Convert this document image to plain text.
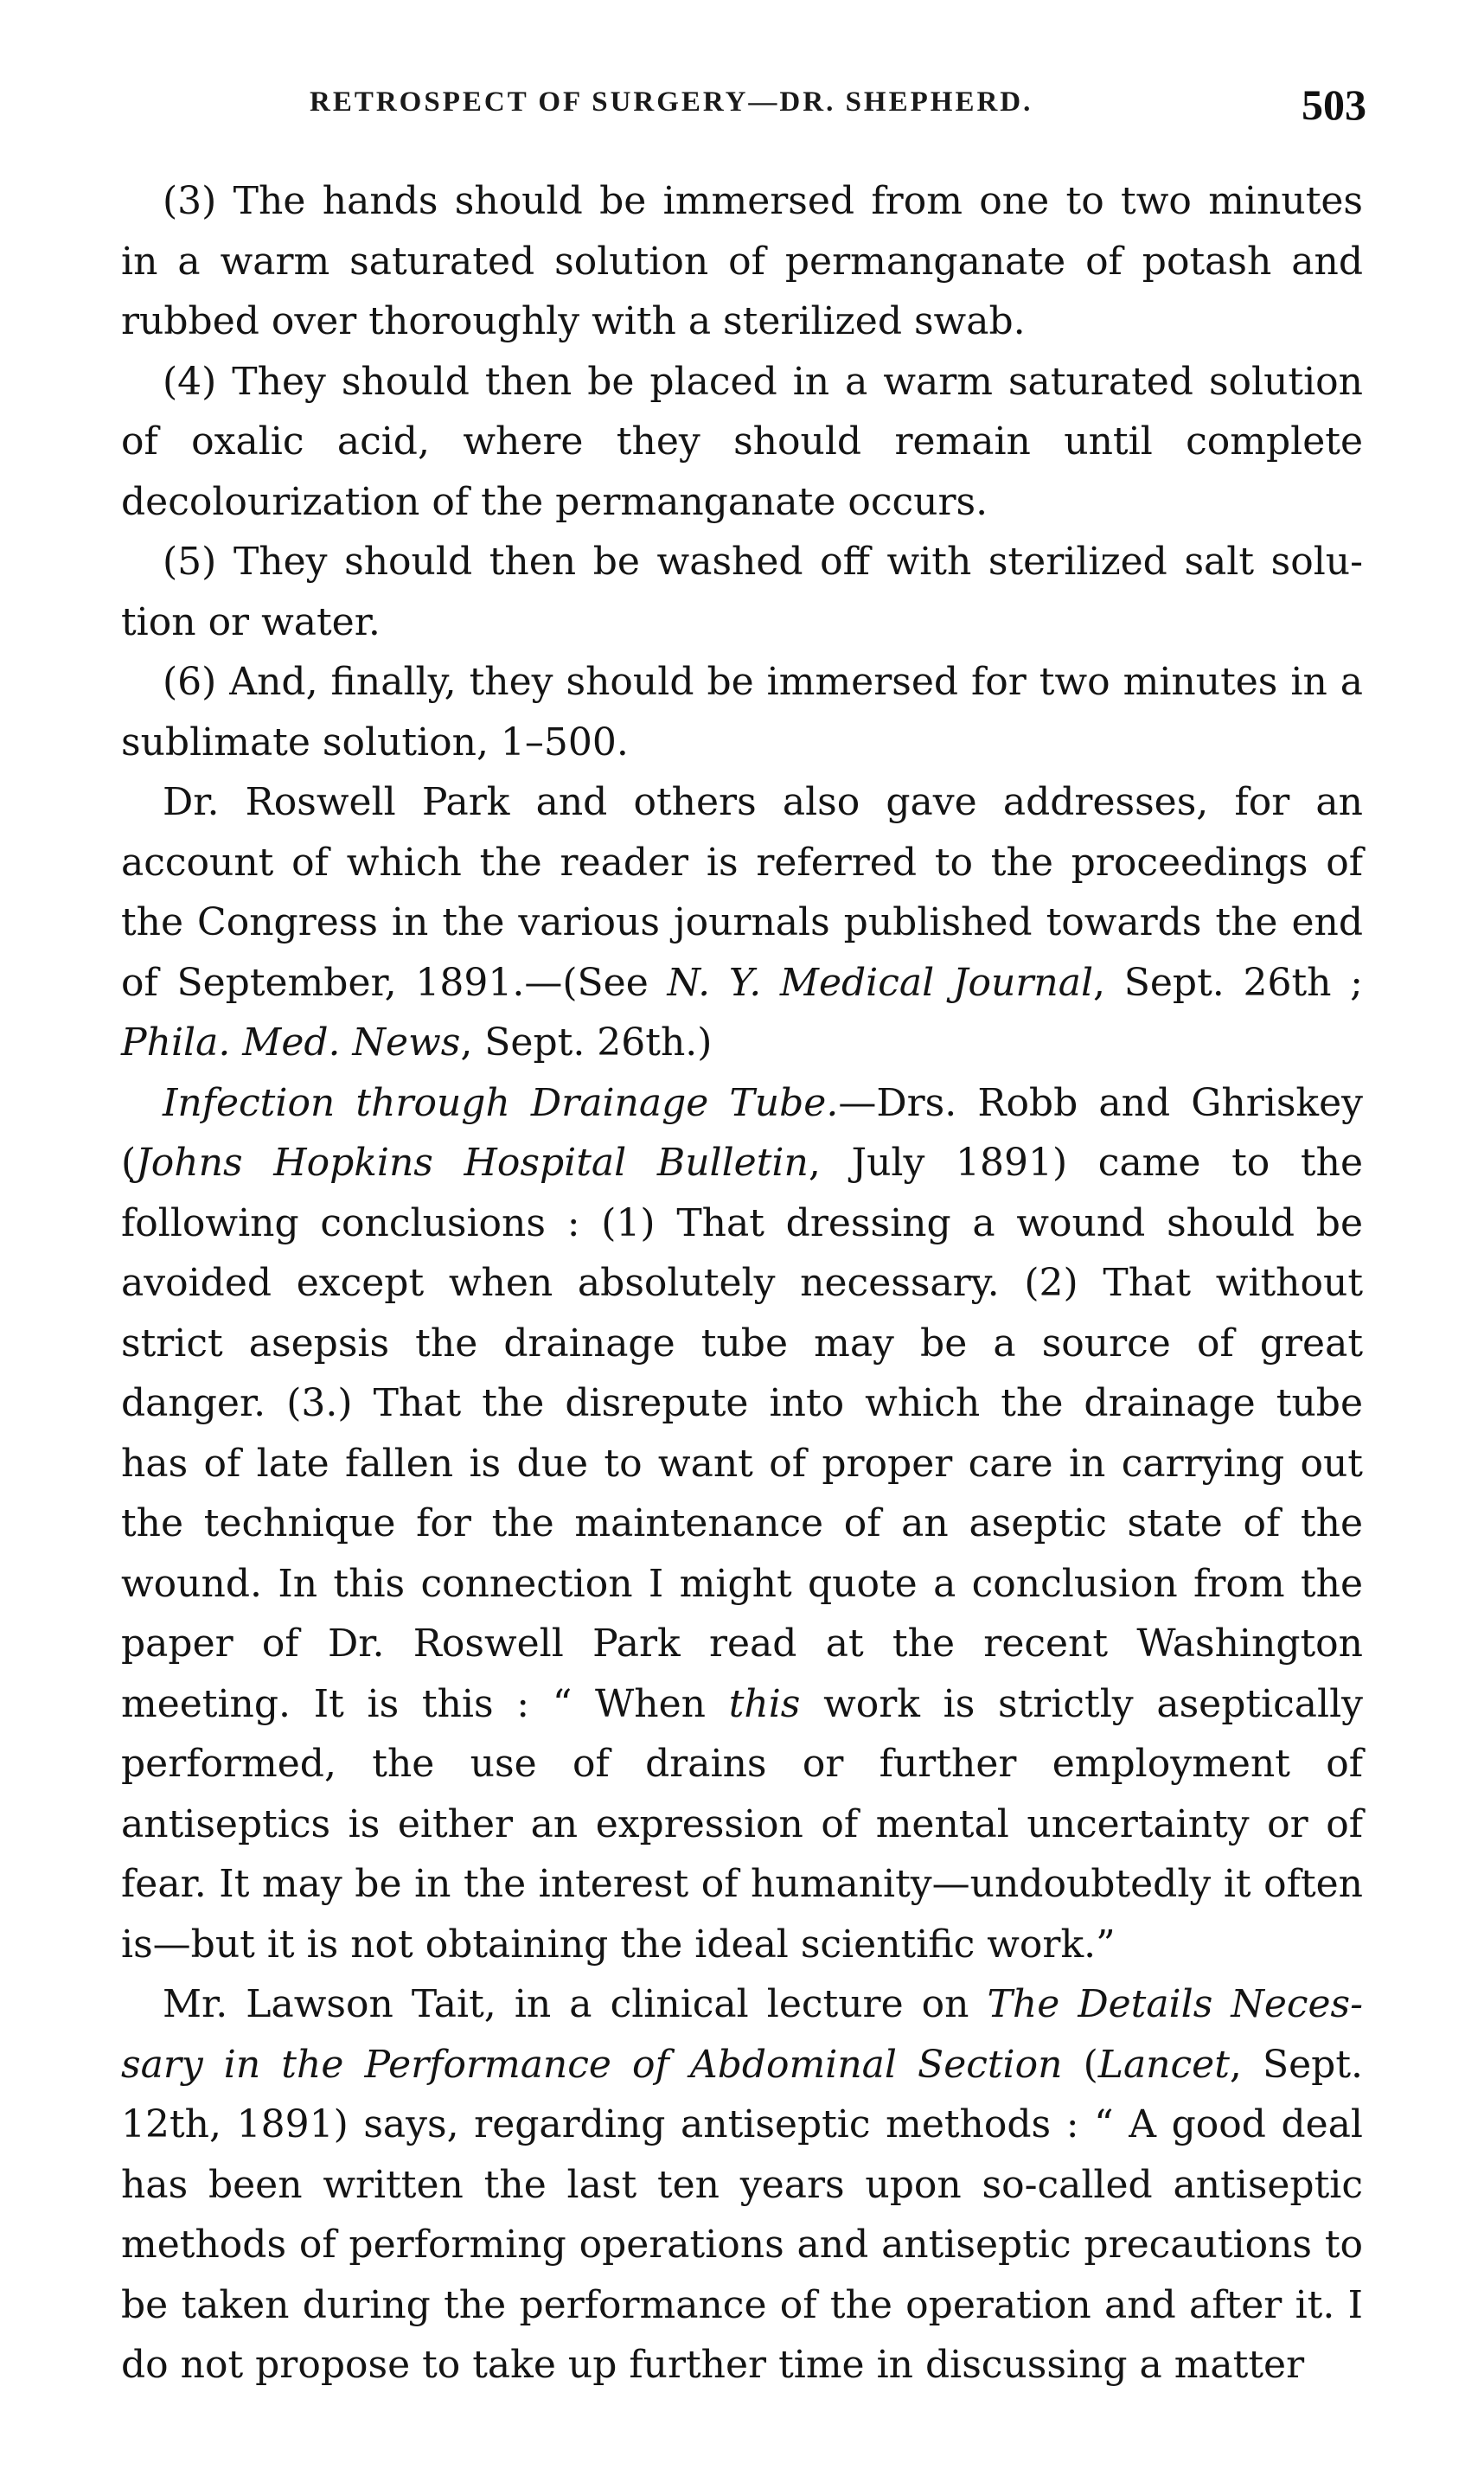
RETROSPECT OF SURGERY—DR. SHEPHERD.	503

(3) The hands should be immersed from one to two minutes in a warm saturated solution of permanganate of potash and rubbed over thoroughly with a sterilized swab.

(4) They should then be placed in a warm saturated solution of oxalic acid, where they should remain until complete decolourization of the permanganate occurs.

(5) They should then be washed off with sterilized salt solution or water.

(6) And, finally, they should be immersed for two minutes in a sublimate solution, 1–500.

Dr. Roswell Park and others also gave addresses, for an account of which the reader is referred to the proceedings of the Congress in the various journals published towards the end of September, 1891.—(See N. Y. Medical Journal, Sept. 26th ; Phila. Med. News, Sept. 26th.)

Infection through Drainage Tube.—Drs. Robb and Ghriskey (Johns Hopkins Hospital Bulletin, July 1891) came to the following conclusions : (1) That dressing a wound should be avoided except when absolutely necessary. (2) That without strict asepsis the drainage tube may be a source of great danger. (3.) That the disrepute into which the drainage tube has of late fallen is due to want of proper care in carrying out the technique for the maintenance of an aseptic state of the wound. In this connection I might quote a conclusion from the paper of Dr. Roswell Park read at the recent Washington meeting. It is this : “ When this work is strictly aseptically performed, the use of drains or further employment of antiseptics is either an expression of mental uncertainty or of fear. It may be in the interest of humanity—undoubtedly it often is—but it is not obtaining the ideal scientific work.”

Mr. Lawson Tait, in a clinical lecture on The Details Necessary in the Performance of Abdominal Section (Lancet, Sept. 12th, 1891) says, regarding antiseptic methods : “ A good deal has been written the last ten years upon so-called antiseptic methods of performing operations and antiseptic precautions to be taken during the performance of the operation and after it. I do not propose to take up further time in discussing a matter
